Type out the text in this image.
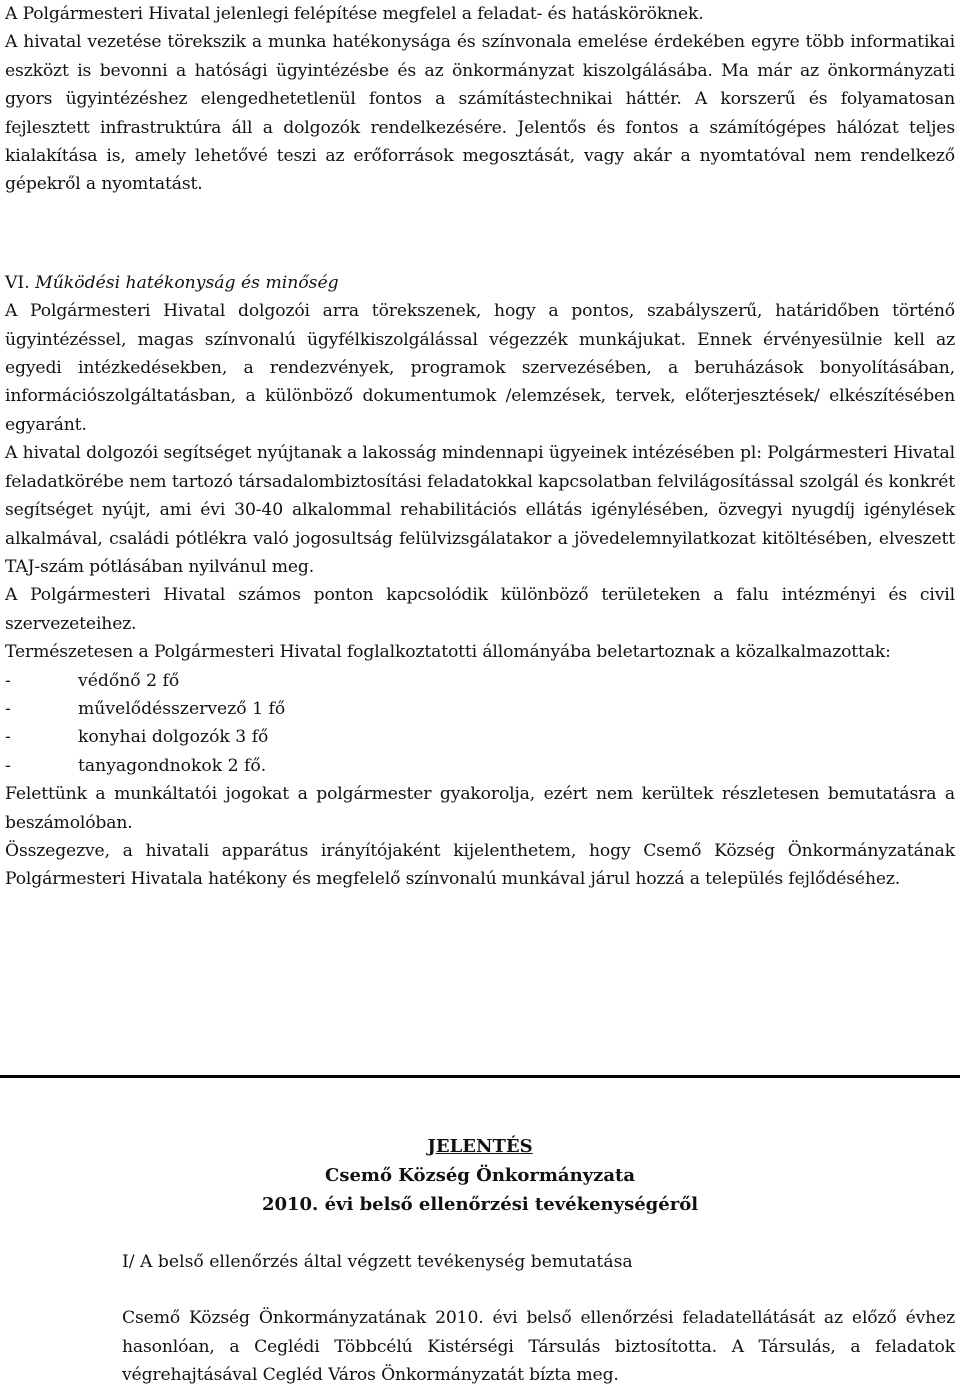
A Polgármesteri Hivatal jelenlegi felépítése megfelel a feladat- és hatásköröknek.
A hivatal vezetése törekszik a munka hatékonysága és színvonala emelése érdekében egyre több informatikai eszközt is bevonni a hatósági ügyintézésbe és az önkormányzat kiszolgálásába. Ma már az önkormányzati gyors ügyintézéshez elengedhetetlenül fontos a számítástechnikai háttér. A korszerű és folyamatosan fejlesztett infrastruktúra áll a dolgozók rendelkezésére. Jelentős és fontos a számítógépes hálózat teljes kialakítása is, amely lehetővé teszi az erőforrások megosztását, vagy akár a nyomtatóval nem rendelkező gépekről a nyomtatást.

VI. Működési hatékonyság és minőség

A Polgármesteri Hivatal dolgozói arra törekszenek, hogy a pontos, szabályszerű, határidőben történő ügyintézéssel, magas színvonalú ügyfélkiszolgálással végezzék munkájukat. Ennek érvényesülnie kell az egyedi intézkedésekben, a rendezvények, programok szervezésében, a beruházások bonyolításában, információszolgáltatásban, a különböző dokumentumok /elemzések, tervek, előterjesztések/ elkészítésében egyaránt.

A hivatal dolgozói segítséget nyújtanak a lakosság mindennapi ügyeinek intézésében pl: Polgármesteri Hivatal feladatkörébe nem tartozó társadalombiztosítási feladatokkal kapcsolatban felvilágosítással szolgál és konkrét segítséget nyújt, ami évi 30-40 alkalommal rehabilitációs ellátás igénylésében, özvegyi nyugdíj igénylések alkalmával, családi pótlékra való jogosultság felülvizsgálatakor a jövedelemnyilatkozat kitöltésében, elveszett TAJ-szám pótlásában nyilvánul meg.

A Polgármesteri Hivatal számos ponton kapcsolódik különböző területeken a falu intézményi és civil szervezeteihez.

Természetesen a Polgármesteri Hivatal foglalkoztatotti állományába beletartoznak a közalkalmazottak:

-	védőnő 2 fő
-	művelődésszervező 1 fő
-	konyhai dolgozók 3 fő
-	tanyagondnokok 2 fő.

Felettünk a munkáltatói jogokat a polgármester gyakorolja, ezért nem kerültek részletesen bemutatásra a beszámolóban.

Összegezve, a hivatali apparátus irányítójaként kijelenthetem, hogy Csemő Község Önkormányzatának Polgármesteri Hivatala hatékony és megfelelő színvonalú munkával járul hozzá a település fejlődéséhez.

JELENTÉS
Csemő Község Önkormányzata
2010. évi belső ellenőrzési tevékenységéről

I/ A belső ellenőrzés által végzett tevékenység bemutatása

Csemő Község Önkormányzatának 2010. évi belső ellenőrzési feladatellátását az előző évhez hasonlóan, a Ceglédi Többcélú Kistérségi Társulás biztosította. A Társulás, a feladatok végrehajtásával Cegléd Város Önkormányzatát bízta meg.
